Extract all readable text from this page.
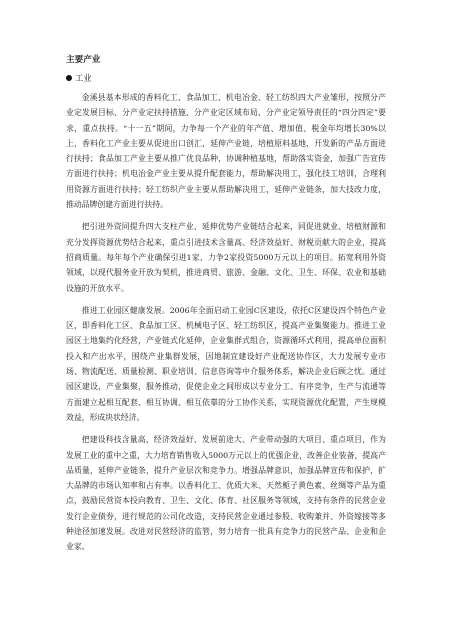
主要产业
工业

金溪县基本形成的香料化工、食品加工、机电冶金、轻工纺织四大产业雏形，按照分产业定发展目标、分产业定扶持措施、分产业定区域布局、分产业定领导责任的“四分四定”要求，重点扶持。“十一五”期间，力争每一个产业的年产值、增加值、税金年均增长30%以上，香料化工产业主要从促进出口创汇，延伸产业链，培植原料基地，开发新的产品方面进行扶持；食品加工产业主要从推广优良品种，协调种植基地，帮助落实资金，加强广告宣传方面进行扶持；机电冶金产业主要从提升配套能力，帮助解决用工，强化技工培训，合理利用资源方面进行扶持；轻工纺织产业主要从帮助解决用工，延伸产业链条，加大技改力度，推动品牌创建方面进行扶持。

把引进外资同提升四大支柱产业、延伸优势产业链结合起来，同促进就业、培植财源和充分发挥资源优势结合起来，重点引进技术含量高、经济效益好、财税贡献大的企业，提高招商质量。每年每个产业确保引进1家、力争2家投资5000万元以上的项目。拓宽利用外资领域，以现代服务业开放为契机，推进商贸、旅游、金融、文化、卫生、环保、农业和基础设施的开放水平。

推进工业园区健康发展。2006年全面启动工业园C区建设，依托C区建设四个特色产业区，即香料化工区、食品加工区、机械电子区、轻工纺织区，提高产业集聚能力。推进工业园区土地集约化经营，产业链式化延伸，企业集群式组合，资源循环式利用，提高单位面积投入和产出水平，围绕产业集群发展，因地制宜建设好产业配送协作区，大力发展专业市场、物流配送、质量检测、职业培训、信息咨询等中介服务体系，解决企业后顾之忧。通过园区建设，产业集聚，服务推动，促使企业之间形成以专业分工、有序竞争，生产与流通等方面建立起相互配套、相互协调、相互依靠的分工协作关系，实现资源优化配置，产生规模效益，形成块状经济。

把建设科技含量高、经济效益好、发展前途大、产业带动强的大项目、重点项目，作为发展工业的重中之重，大力培育销售收入5000万元以上的优强企业，改善企业装备，提高产品质量，延伸产业链条，提升产业层次和竞争力。增强品牌意识，加强品牌宣传和保护，扩大品牌的市场认知率和占有率。以香料化工、优质大米、天然栀子黄色素、丝绸等产品为重点，鼓励民营资本投向教育、卫生、文化、体育、社区服务等领域，支持有条件的民营企业发行企业债券，进行规范的公司化改造，支持民营企业通过参股、收购兼并、外资嫁接等多种途径加速发展。改进对民营经济的监管，努力培育一批具有竞争力的民营产品、企业和企业家。
